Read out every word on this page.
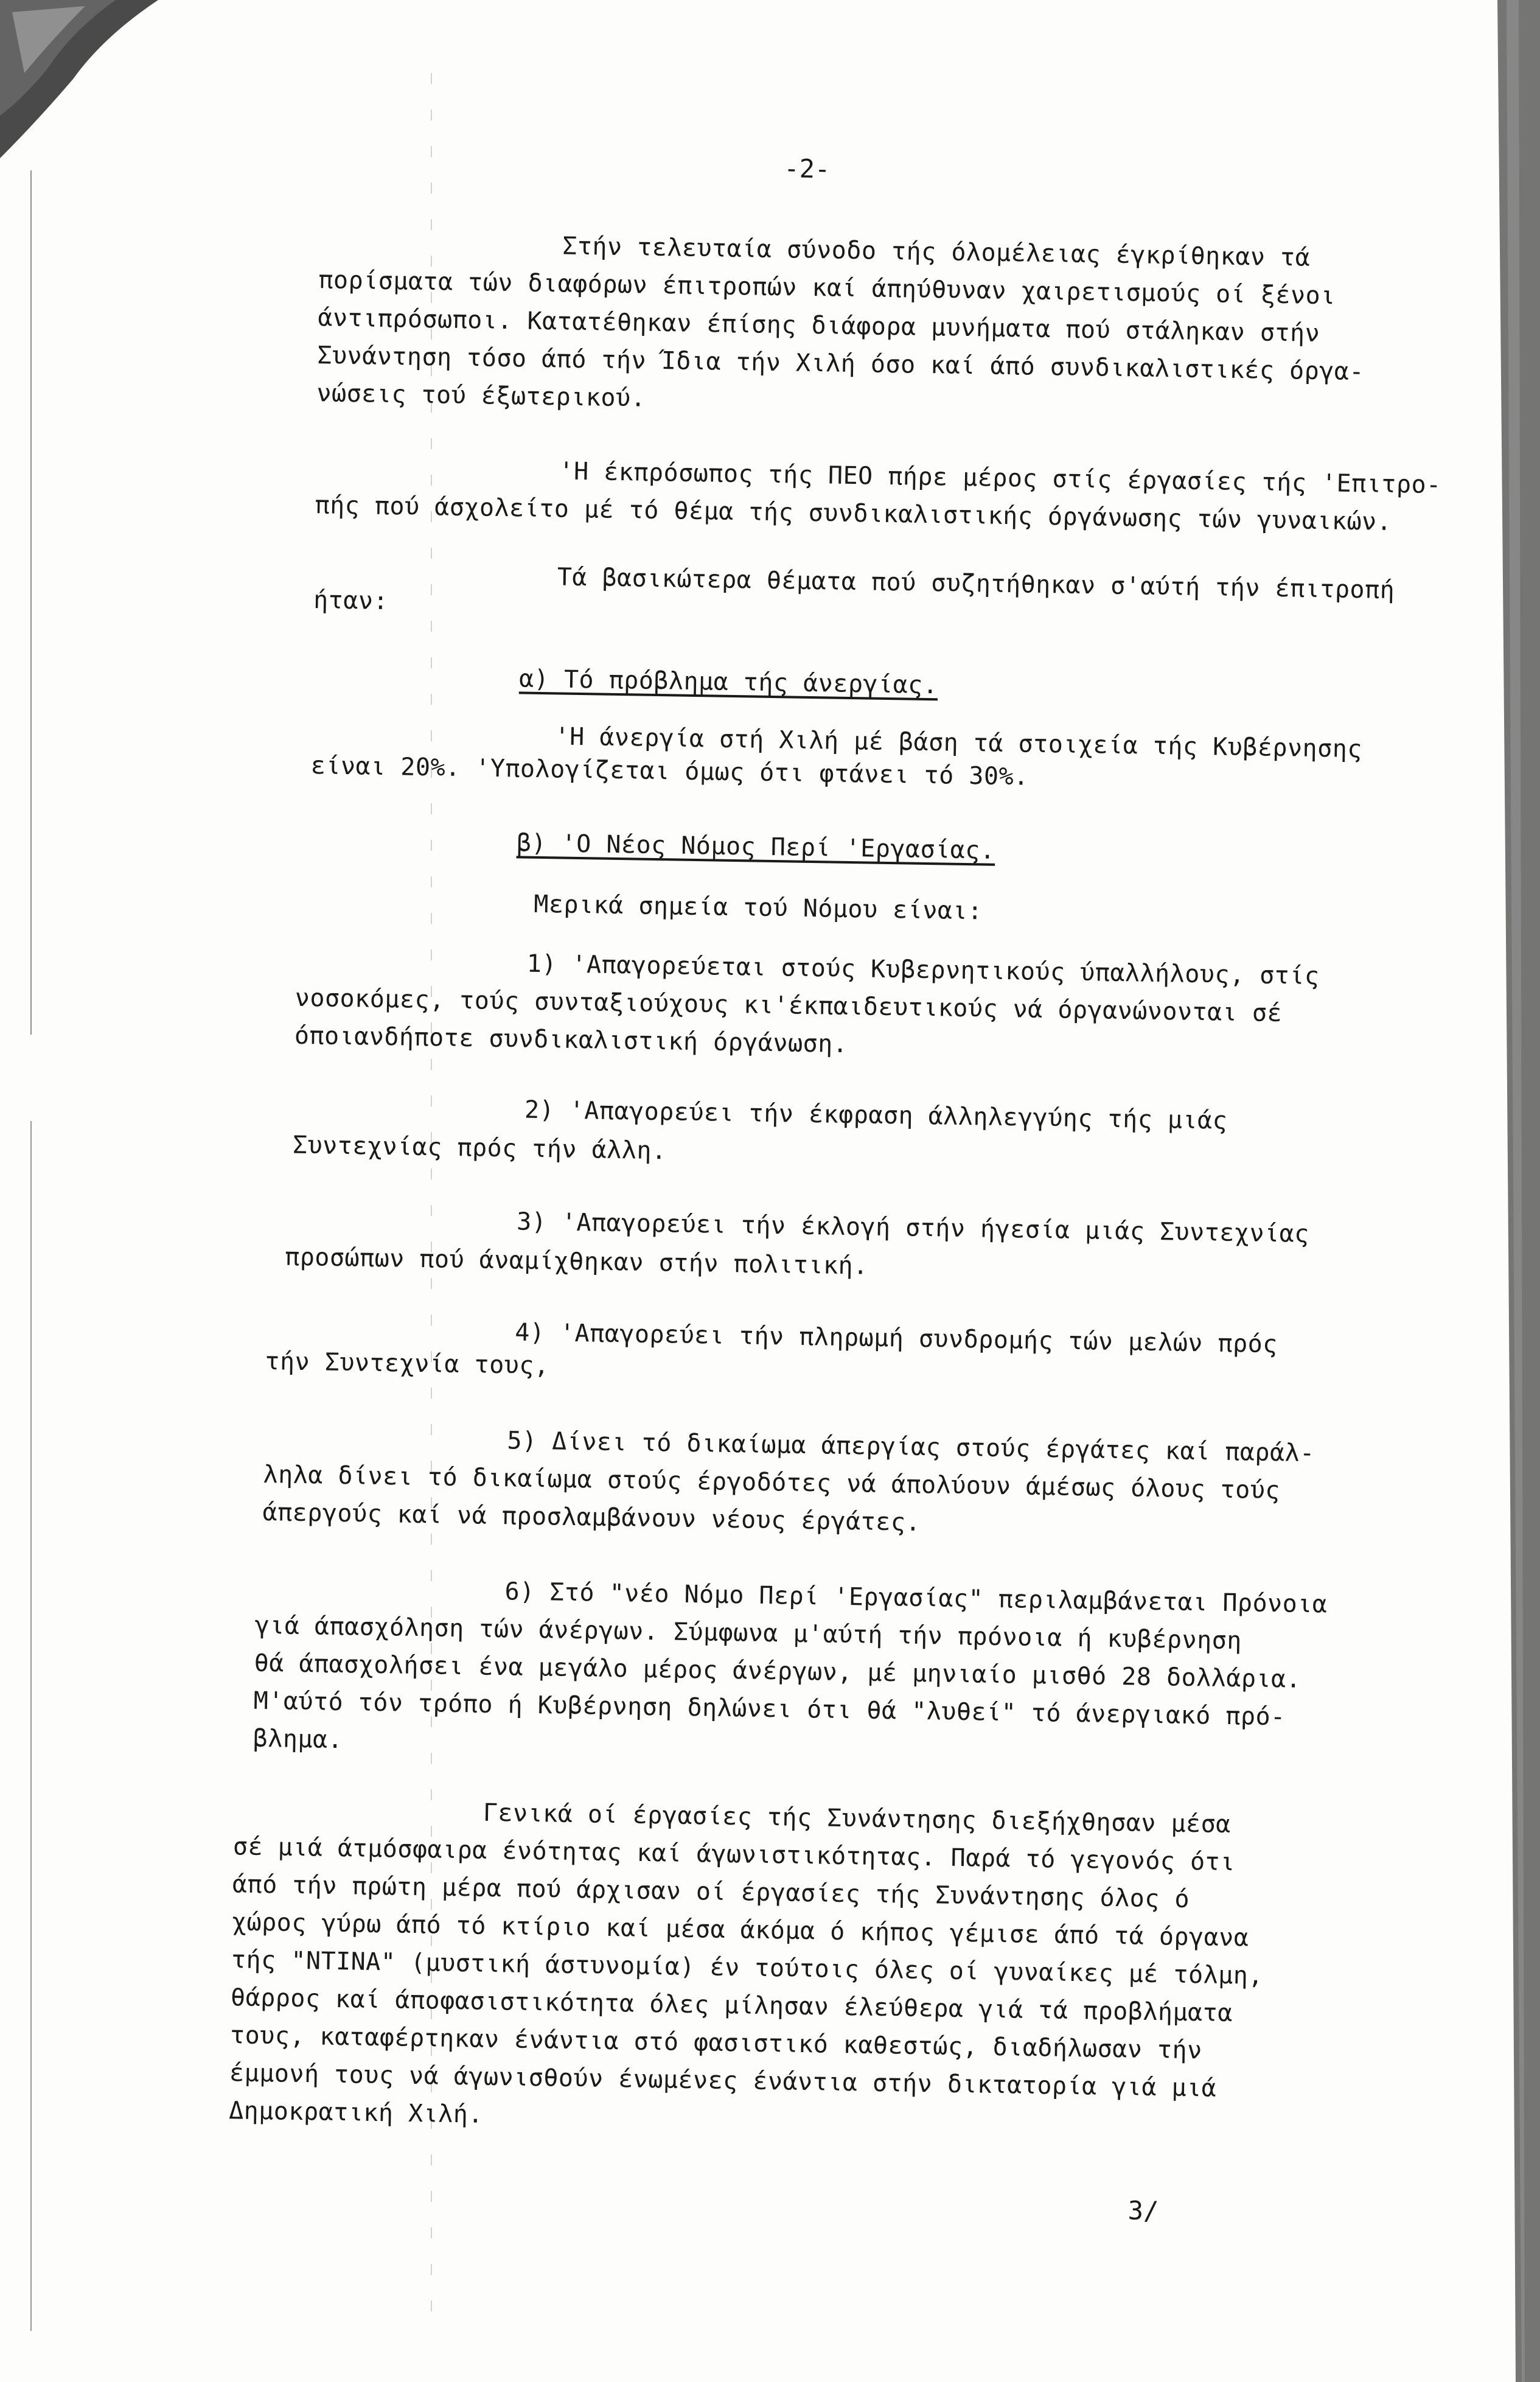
-2-
Στήν τελευταία σύνοδο τής όλομέλειας έγκρίθηκαν τά
πορίσματα τών διαφόρων έπιτροπών καί άπηύθυναν χαιρετισμούς οί ξένοι
άντιπρόσωποι. Κατατέθηκαν έπίσης διάφορα μυνήματα πού στάληκαν στήν
Συνάντηση τόσο άπό τήν Ίδια τήν Χιλή όσο καί άπό συνδικαλιστικές όργα-
νώσεις τού έξωτερικού.
'Η έκπρόσωπος τής ΠΕΟ πήρε μέρος στίς έργασίες τής 'Επιτρο-
πής πού άσχολείτο μέ τό θέμα τής συνδικαλιστικής όργάνωσης τών γυναικών.
Τά βασικώτερα θέματα πού συζητήθηκαν σ'αύτή τήν έπιτροπή
ήταν:
α) Τό πρόβλημα τής άνεργίας.
'Η άνεργία στή Χιλή μέ βάση τά στοιχεία τής Κυβέρνησης
είναι 20%. 'Υπολογίζεται όμως ότι φτάνει τό 30%.
β) 'Ο Νέος Νόμος Περί 'Εργασίας.
Μερικά σημεία τού Νόμου είναι:
1) 'Απαγορεύεται στούς Κυβερνητικούς ύπαλλήλους, στίς
νοσοκόμες, τούς συνταξιούχους κι'έκπαιδευτικούς νά όργανώνονται σέ
όποιανδήποτε συνδικαλιστική όργάνωση.
2) 'Απαγορεύει τήν έκφραση άλληλεγγύης τής μιάς
Συντεχνίας πρός τήν άλλη.
3) 'Απαγορεύει τήν έκλογή στήν ήγεσία μιάς Συντεχνίας
προσώπων πού άναμίχθηκαν στήν πολιτική.
4) 'Απαγορεύει τήν πληρωμή συνδρομής τών μελών πρός
τήν Συντεχνία τους,
5) Δίνει τό δικαίωμα άπεργίας στούς έργάτες καί παράλ-
ληλα δίνει τό δικαίωμα στούς έργοδότες νά άπολύουν άμέσως όλους τούς
άπεργούς καί νά προσλαμβάνουν νέους έργάτες.
6) Στό "νέο Νόμο Περί 'Εργασίας" περιλαμβάνεται Πρόνοια
γιά άπασχόληση τών άνέργων. Σύμφωνα μ'αύτή τήν πρόνοια ή κυβέρνηση
θά άπασχολήσει ένα μεγάλο μέρος άνέργων, μέ μηνιαίο μισθό 28 δολλάρια.
Μ'αύτό τόν τρόπο ή Κυβέρνηση δηλώνει ότι θά "λυθεί" τό άνεργιακό πρό-
βλημα.
Γενικά οί έργασίες τής Συνάντησης διεξήχθησαν μέσα
σέ μιά άτμόσφαιρα ένότητας καί άγωνιστικότητας. Παρά τό γεγονός ότι
άπό τήν πρώτη μέρα πού άρχισαν οί έργασίες τής Συνάντησης όλος ό
χώρος γύρω άπό τό κτίριο καί μέσα άκόμα ό κήπος γέμισε άπό τά όργανα
τής "ΝΤΙΝΑ" (μυστική άστυνομία) έν τούτοις όλες οί γυναίκες μέ τόλμη,
θάρρος καί άποφασιστικότητα όλες μίλησαν έλεύθερα γιά τά προβλήματα
τους, καταφέρτηκαν ένάντια στό φασιστικό καθεστώς, διαδήλωσαν τήν
έμμονή τους νά άγωνισθούν ένωμένες ένάντια στήν δικτατορία γιά μιά
Δημοκρατική Χιλή.
3/
